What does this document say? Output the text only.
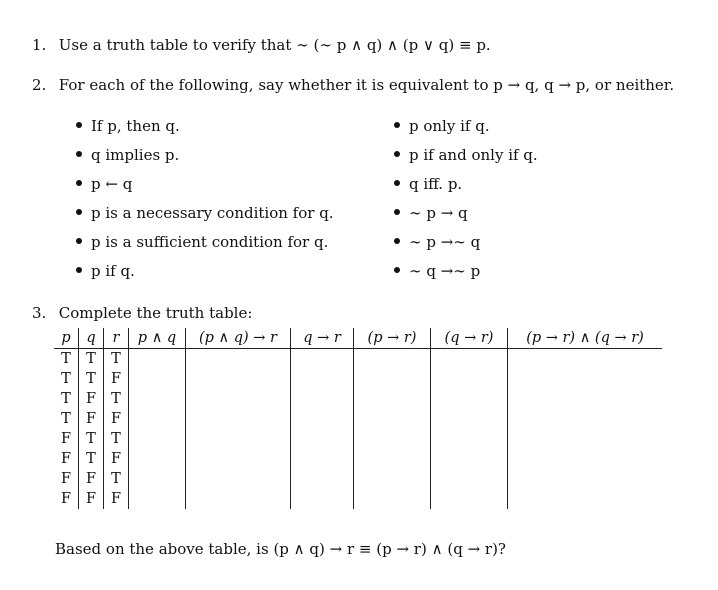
1. Use a truth table to verify that ∼ (∼ p ∧ q) ∧ (p ∨ q) ≡ p.
2. For each of the following, say whether it is equivalent to p → q, q → p, or neither.
If p, then q.
q implies p.
p ← q
p is a necessary condition for q.
p is a sufficient condition for q.
p if q.
p only if q.
p if and only if q.
q iff. p.
∼ p → q
∼ p →∼ q
∼ q →∼ p
3. Complete the truth table:
p	q	r	p ∧ q	(p ∧ q) → r	q → r	(p → r)	(q → r)	(p → r) ∧ (q → r)
T	T	T						
T	T	F						
T	F	T						
T	F	F						
F	T	T						
F	T	F						
F	F	T						
F	F	F						
Based on the above table, is (p ∧ q) → r ≡ (p → r) ∧ (q → r)?
